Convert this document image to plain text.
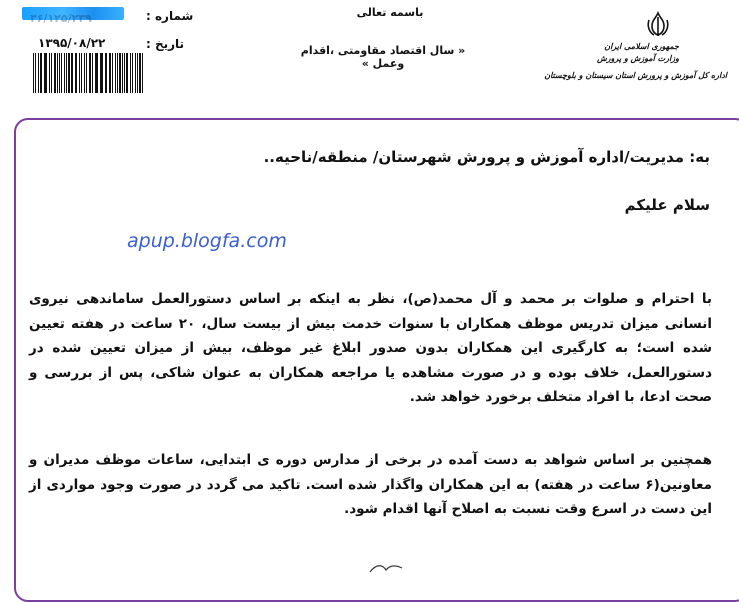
شماره :
۳۶/۱۲۵/۲۳۹
تاریخ :
۱۳۹۵/۰۸/۲۲
باسمه تعالی
« سال اقتصاد مقاومتی ،اقدام وعمل »
جمهوری اسلامی ایران
وزارت آموزش و پرورش
اداره کل آموزش و پرورش استان سیستان و بلوچستان
به: مدیریت/اداره آموزش و پرورش شهرستان/ منطقه/ناحیه..
سلام علیکم
apup.blogfa.com
با احترام و صلوات بر محمد و آل محمد(ص)، نظر به اینکه بر اساس دستورالعمل ساماندهی نیروی انسانی میزان تدریس موظف همکاران با سنوات خدمت بیش از بیست سال، ۲۰ ساعت در هفته تعیین شده است؛ به کارگیری این همکاران بدون صدور ابلاغ غیر موظف، بیش از میزان تعیین شده در دستورالعمل، خلاف بوده و در صورت مشاهده یا مراجعه همکاران به عنوان شاکی، پس از بررسی و صحت ادعا، با افراد متخلف برخورد خواهد شد.
همچنین بر اساس شواهد به دست آمده در برخی از مدارس دوره ی ابتدایی، ساعات موظف مدیران و معاونین(۶ ساعت در هفته) به این همکاران واگذار شده است. تاکید می گردد در صورت وجود مواردی از این دست در اسرع وقت نسبت به اصلاح آنها اقدام شود.
